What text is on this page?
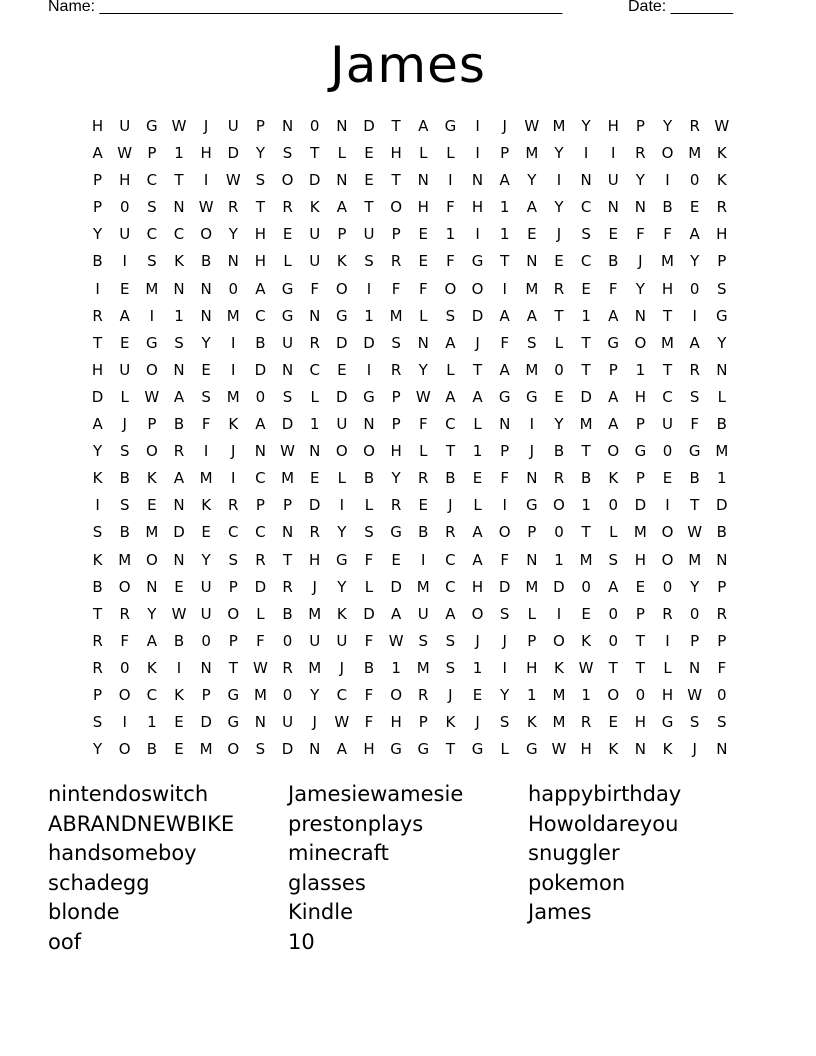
Name: ____________________________________________________	Date: _______
James
H	U	G W	J	U	P	N	0	N	D	T	A	G	I	J	W M	Y	H	P	Y	R W
A W	P	1	H	D	Y	S	T	L	E	H	L	L	I	P	M	Y	I	I	R	O M	K
P	H	C	T	I	W S	O	D	N	E	T	N	I	N	A	Y	I	N	U	Y	I	0	K
P	0	S	N W R	T	R	K	A	T	O	H	F	H	1	A	Y	C	N	N	B	E	R
Y	U	C	C	O	Y	H	E	U	P	U	P	E	1	I	1	E	J	S	E	F	F	A	H
B	I	S	K	B	N	H	L	U	K	S	R	E	F	G	T	N	E	C	B	J	M	Y	P
I	E	M	N	N	0	A	G	F	O	I	F	F	O	O	I	M	R	E	F	Y	H	0	S
R	A	I	1	N	M	C	G	N	G	1	M	L	S	D	A	A	T	1	A	N	T	I	G
T	E	G	S	Y	I	B	U	R	D	D	S	N	A	J	F	S	L	T	G	O M	A	Y
H	U	O	N	E	I	D	N	C	E	I	R	Y	L	T	A	M	0	T	P	1	T	R	N
D	L	W A	S	M	0	S	L	D	G	P	W A	A	G	G	E	D	A	H	C	S	L
A	J	P	B	F	K	A	D	1	U	N	P	F	C	L	N	I	Y	M	A	P	U	F	B
Y	S	O	R	I	J	N W N	O	O	H	L	T	1	P	J	B	T	O	G	0	G M
K	B	K	A	M	I	C	M	E	L	B	Y	R	B	E	F	N	R	B	K	P	E	B	1
I	S	E	N	K	R	P	P	D	I	L	R	E	J	L	I	G	O	1	0	D	I	T	D
S	B	M D	E	C	C	N	R	Y	S	G	B	R	A	O	P	0	T	L	M O W B
K	M O	N	Y	S	R	T	H	G	F	E	I	C	A	F	N	1	M	S	H	O M	N
B	O	N	E	U	P	D	R	J	Y	L	D M	C	H	D M D	0	A	E	0	Y	P
T	R	Y	W U	O	L	B	M	K	D	A	U	A	O	S	L	I	E	0	P	R	0	R
R	F	A	B	0	P	F	0	U	U	F	W S	S	J	J	P	O	K	0	T	I	P	P
R	0	K	I	N	T	W R	M	J	B	1	M	S	1	I	H	K W	T	T	L	N	F
P	O	C	K	P	G M	0	Y	C	F	O	R	J	E	Y	1	M	1	O	0	H W 0
S	I	1	E	D	G	N	U	J	W	F	H	P	K	J	S	K	M	R	E	H	G	S	S
Y	O	B	E	M O	S	D	N	A	H	G	G	T	G	L	G W H	K	N	K	J	N
nintendoswitch	Jamesiewamesie	happybirthday
ABRANDNEWBIKE	prestonplays	Howoldareyou
handsomeboy	minecraft	snuggler
schadegg	glasses	pokemon
blonde	Kindle	James
oof	10
